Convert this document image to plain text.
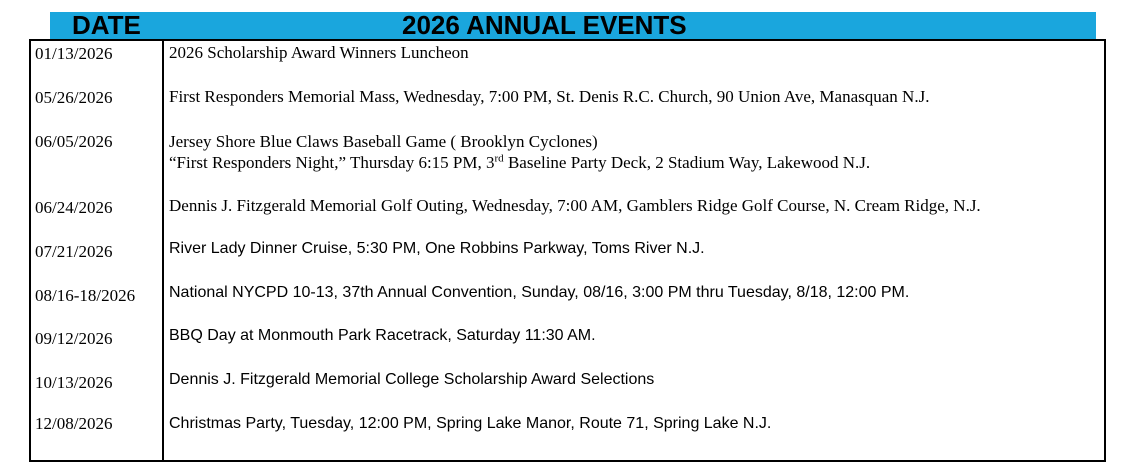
DATE	2026 ANNUAL EVENTS
01/13/2026	2026 Scholarship Award Winners Luncheon
05/26/2026	First Responders Memorial Mass, Wednesday, 7:00 PM, St. Denis R.C. Church, 90 Union Ave, Manasquan N.J.
06/05/2026	Jersey Shore Blue Claws Baseball Game ( Brooklyn Cyclones)
“First Responders Night,” Thursday 6:15 PM, 3rd Baseline Party Deck, 2 Stadium Way, Lakewood N.J.
06/24/2026	Dennis J. Fitzgerald Memorial Golf Outing, Wednesday, 7:00 AM, Gamblers Ridge Golf Course, N. Cream Ridge, N.J.
07/21/2026	River Lady Dinner Cruise, 5:30 PM, One Robbins Parkway, Toms River N.J.
08/16-18/2026 National NYCPD 10-13, 37th Annual Convention, Sunday, 08/16, 3:00 PM thru Tuesday, 8/18, 12:00 PM.
09/12/2026	BBQ Day at Monmouth Park Racetrack, Saturday 11:30 AM.
10/13/2026	Dennis J. Fitzgerald Memorial College Scholarship Award Selections
12/08/2026	Christmas Party, Tuesday, 12:00 PM, Spring Lake Manor, Route 71, Spring Lake N.J.
